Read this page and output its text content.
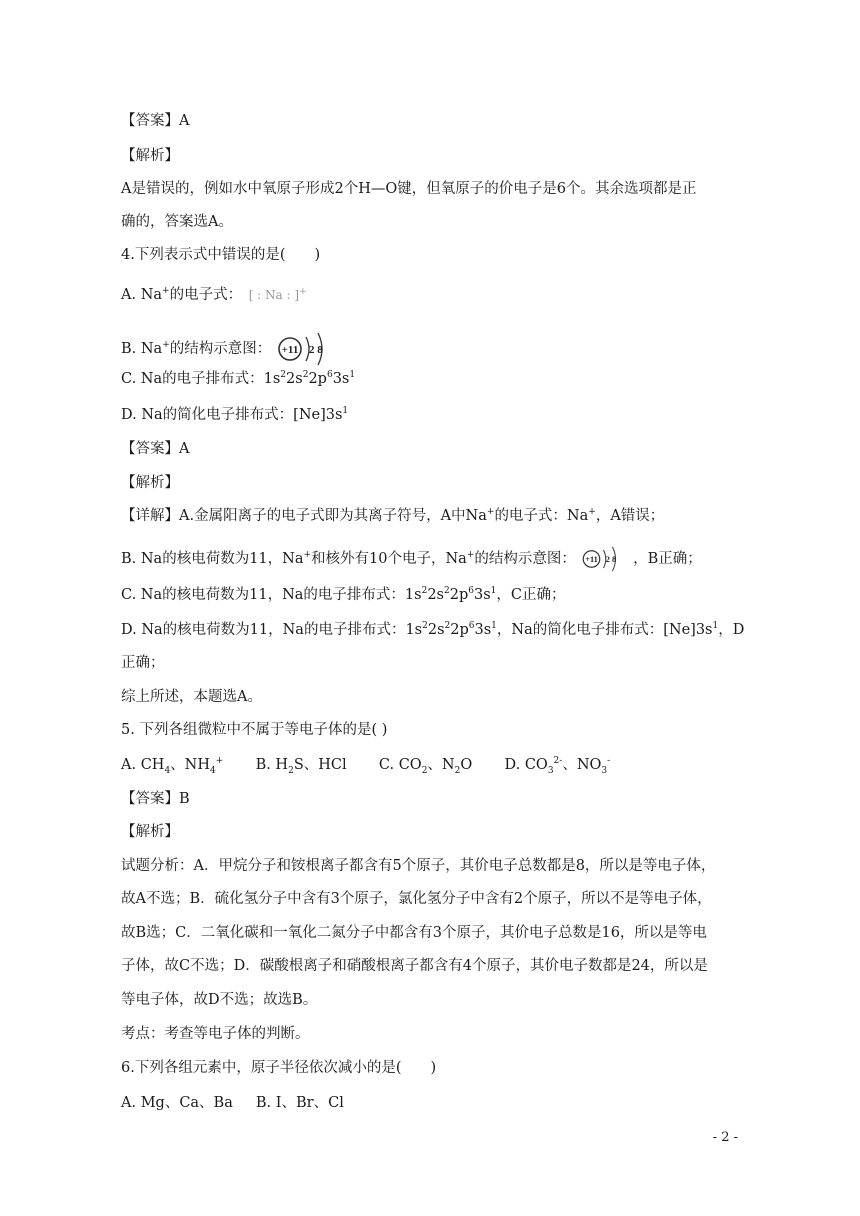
【答案】A
【解析】
A是错误的，例如水中氧原子形成2个H—O键，但氧原子的价电子是6个。其余选项都是正
确的，答案选A。
4.下列表示式中错误的是(　　)
A. Na+的电子式： [ : Na : ]+
B. Na+的结构示意图： +11 2 8
C. Na的电子排布式：$1s^22s^22p^63s^1$
D. Na的简化电子排布式：$[Ne]3s^1$
【答案】A
【解析】
【详解】A.金属阳离子的电子式即为其离子符号，A中Na+的电子式：Na+，A错误；
B. Na的核电荷数为11，Na+和核外有10个电子，Na+的结构示意图： +11 2 8 ，B正确；
C. Na的核电荷数为11，Na的电子排布式：$1s^22s^22p^63s^1$，C正确；
D. Na的核电荷数为11，Na的电子排布式：$1s^22s^22p^63s^1$，Na的简化电子排布式：$[Ne]3s^1$，D
正确；
综上所述，本题选A。
5. 下列各组微粒中不属于等电子体的是( )
A. $CH_4$、$NH_4^+$ B. $H_2S$、HCl C. $CO_2$、$N_2O$ D. $CO_3^{2-}$、$NO_3^-$
【答案】B
【解析】
试题分析：A．甲烷分子和铵根离子都含有5个原子，其价电子总数都是8，所以是等电子体，
故A不选；B．硫化氢分子中含有3个原子，氯化氢分子中含有2个原子，所以不是等电子体，
故B选；C．二氧化碳和一氧化二氮分子中都含有3个原子，其价电子总数是16，所以是等电
子体，故C不选；D．碳酸根离子和硝酸根离子都含有4个原子，其价电子数都是24，所以是
等电子体，故D不选；故选B。
考点：考查等电子体的判断。
6.下列各组元素中，原子半径依次减小的是(　　)
A. Mg、Ca、Ba B. I、Br、Cl
- 2 -
